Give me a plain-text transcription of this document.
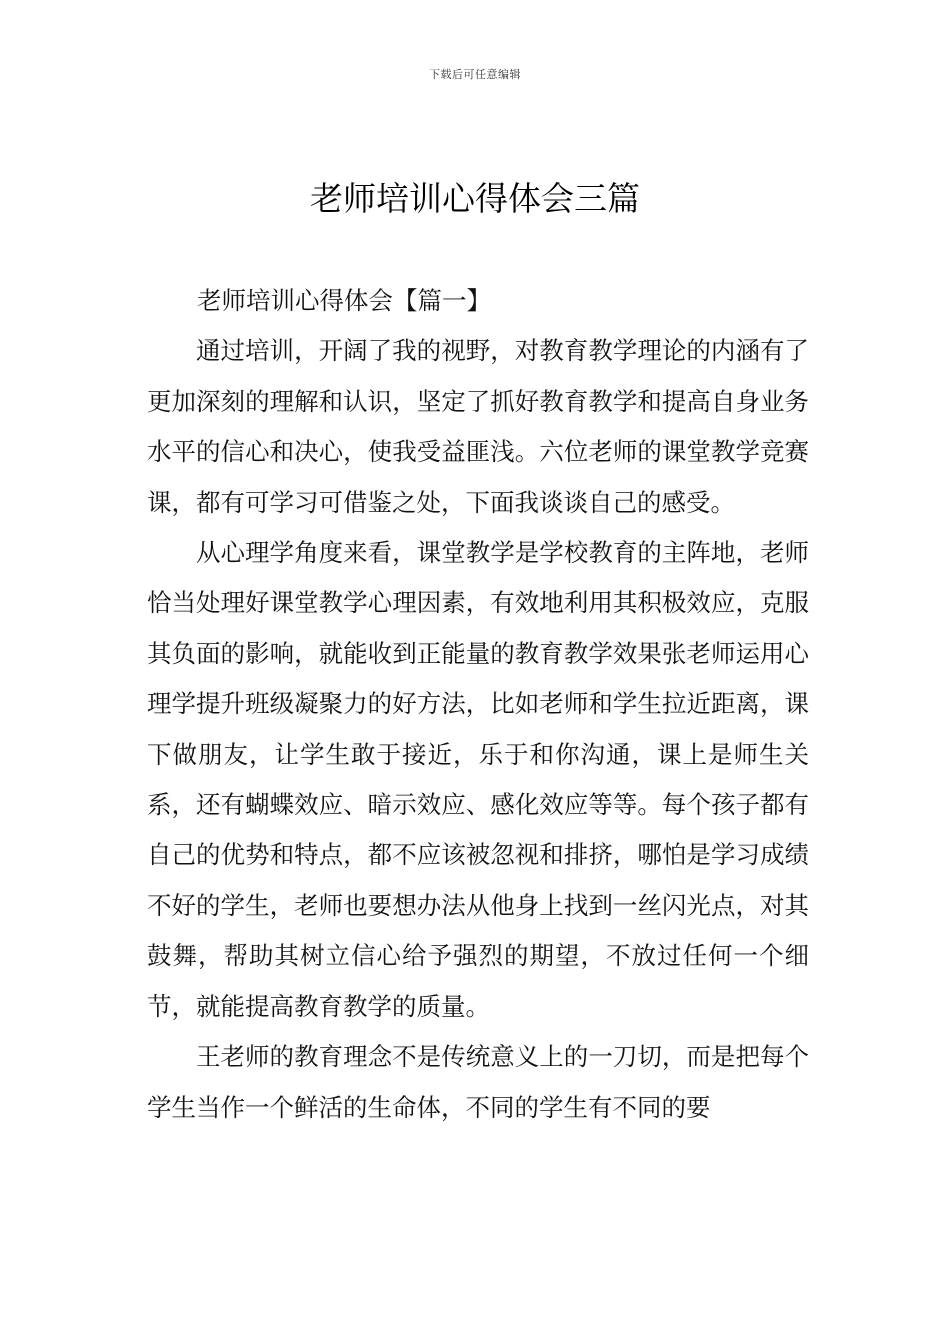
下载后可任意编辑
老师培训心得体会三篇
老师培训心得体会【篇一】

通过培训，开阔了我的视野，对教育教学理论的内涵有了更加深刻的理解和认识，坚定了抓好教育教学和提高自身业务水平的信心和决心，使我受益匪浅。六位老师的课堂教学竞赛课，都有可学习可借鉴之处，下面我谈谈自己的感受。

从心理学角度来看，课堂教学是学校教育的主阵地，老师恰当处理好课堂教学心理因素，有效地利用其积极效应，克服其负面的影响，就能收到正能量的教育教学效果张老师运用心理学提升班级凝聚力的好方法，比如老师和学生拉近距离，课下做朋友，让学生敢于接近，乐于和你沟通，课上是师生关系，还有蝴蝶效应、暗示效应、感化效应等等。每个孩子都有自己的优势和特点，都不应该被忽视和排挤，哪怕是学习成绩不好的学生，老师也要想办法从他身上找到一丝闪光点，对其鼓舞，帮助其树立信心给予强烈的期望，不放过任何一个细节，就能提高教育教学的质量。

王老师的教育理念不是传统意义上的一刀切，而是把每个学生当作一个鲜活的生命体，不同的学生有不同的要
